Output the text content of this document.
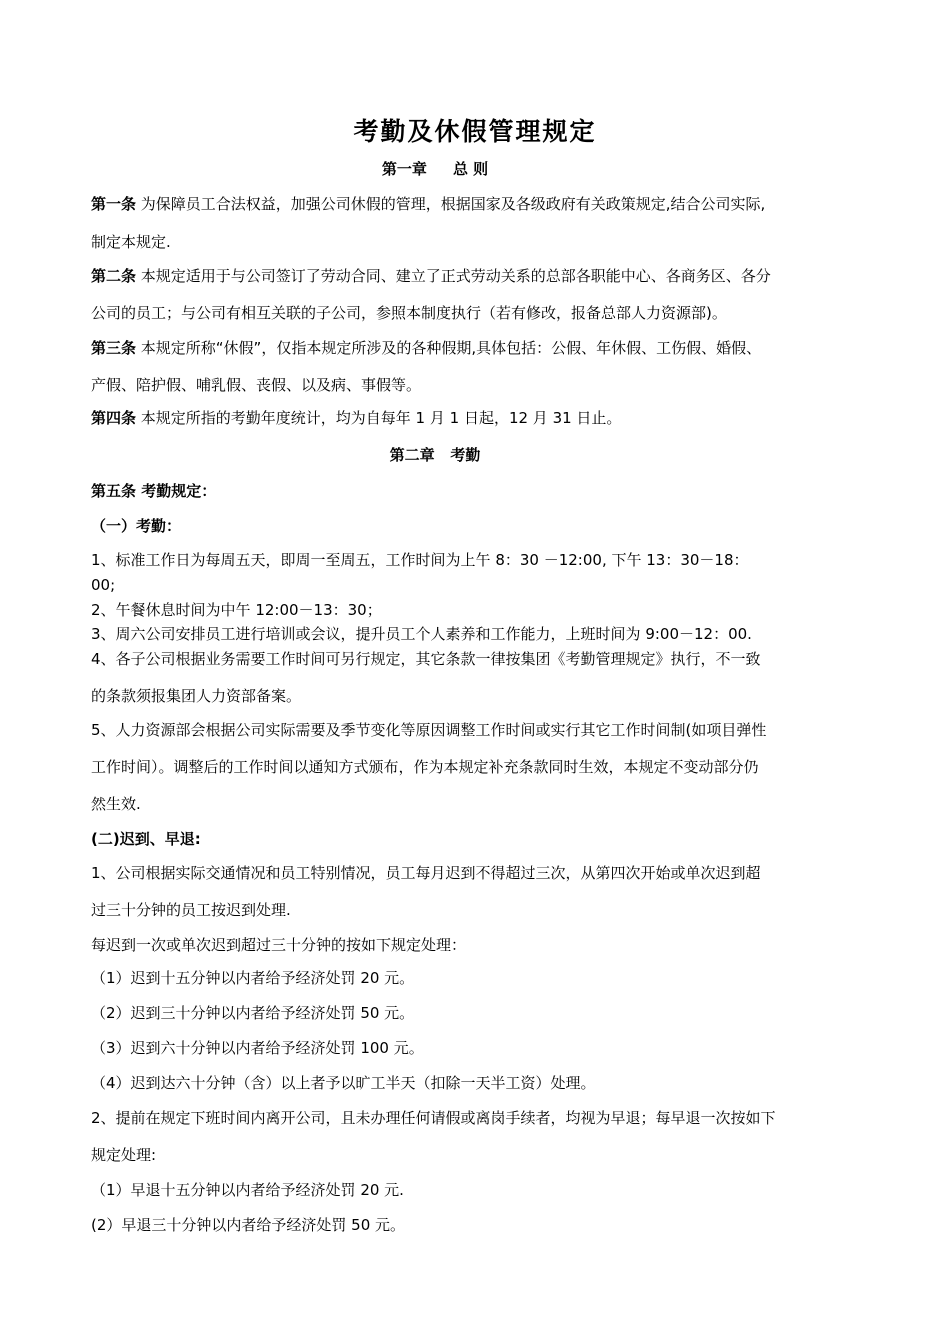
考勤及休假管理规定
第一章     总 则
第一条 为保障员工合法权益，加强公司休假的管理，根据国家及各级政府有关政策规定,结合公司实际,
制定本规定.
第二条 本规定适用于与公司签订了劳动合同、建立了正式劳动关系的总部各职能中心、各商务区、各分
公司的员工；与公司有相互关联的子公司，参照本制度执行（若有修改，报备总部人力资源部)。
第三条 本规定所称“休假”，仅指本规定所涉及的各种假期,具体包括：公假、年休假、工伤假、婚假、
产假、陪护假、哺乳假、丧假、以及病、事假等。
第四条 本规定所指的考勤年度统计，均为自每年 1 月 1 日起，12 月 31 日止。
第二章   考勤
第五条 考勤规定：
（一）考勤：
1、标准工作日为每周五天，即周一至周五，工作时间为上午 8：30 －12:00, 下午 13：30－18：
00;
2、午餐休息时间为中午 12:00－13：30；
3、周六公司安排员工进行培训或会议，提升员工个人素养和工作能力，上班时间为 9:00－12：00.
4、各子公司根据业务需要工作时间可另行规定，其它条款一律按集团《考勤管理规定》执行，不一致
的条款须报集团人力资部备案。
5、人力资源部会根据公司实际需要及季节变化等原因调整工作时间或实行其它工作时间制(如项目弹性
工作时间）。调整后的工作时间以通知方式颁布，作为本规定补充条款同时生效，本规定不变动部分仍
然生效.
(二)迟到、早退:
1、公司根据实际交通情况和员工特别情况，员工每月迟到不得超过三次，从第四次开始或单次迟到超
过三十分钟的员工按迟到处理.
每迟到一次或单次迟到超过三十分钟的按如下规定处理：
（1）迟到十五分钟以内者给予经济处罚 20 元。
（2）迟到三十分钟以内者给予经济处罚 50 元。
（3）迟到六十分钟以内者给予经济处罚 100 元。
（4）迟到达六十分钟（含）以上者予以旷工半天（扣除一天半工资）处理。
2、提前在规定下班时间内离开公司，且未办理任何请假或离岗手续者，均视为早退；每早退一次按如下
规定处理:
（1）早退十五分钟以内者给予经济处罚 20 元.
(2）早退三十分钟以内者给予经济处罚 50 元。
